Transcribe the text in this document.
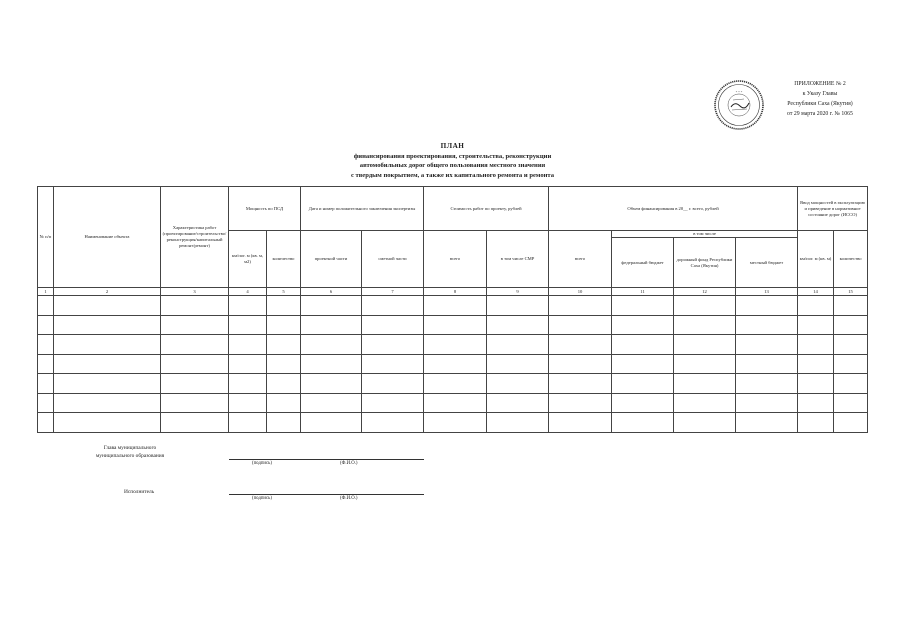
* * *
ПРИЛОЖЕНИЕ № 2
к Указу Главы
Республики Саха (Якутия)
от 29 марта 2020 г. № 1065
ПЛАН
финансирования проектирования, строительства, реконструкции
автомобильных дорог общего пользования местного значения
с твердым покрытием, а также их капитального ремонта и ремонта
№ п/п	Наименование объекта	Характеристика работ (проектирование/строительство/реконструкция/капитальный ремонт/ремонт)	Мощность по ПСД		Дата и номер положительного заключения экспертизы		Стоимость работ по проекту, рублей		Объем финансирования в 20__ г. всего, рублей				Ввод мощностей в эксплуатацию и приведение в нормативное состояние дорог (ИССО)	
			км/пог. м (кв. м, м2)	количество	проектной части	сметной части	всего	в том числе СМР	всего	в том числе			км/пог. м (кв. м)	количество
										федеральный бюджет	дорожный фонд Республики Саха (Якутия)	местный бюджет		
1	2	3	4	5	6	7	8	9	10	11	12	13	14	15

Глава муниципального
муниципального образования
(подпись)	(Ф.И.О.)
Исполнитель
(подпись)	(Ф.И.О.)
